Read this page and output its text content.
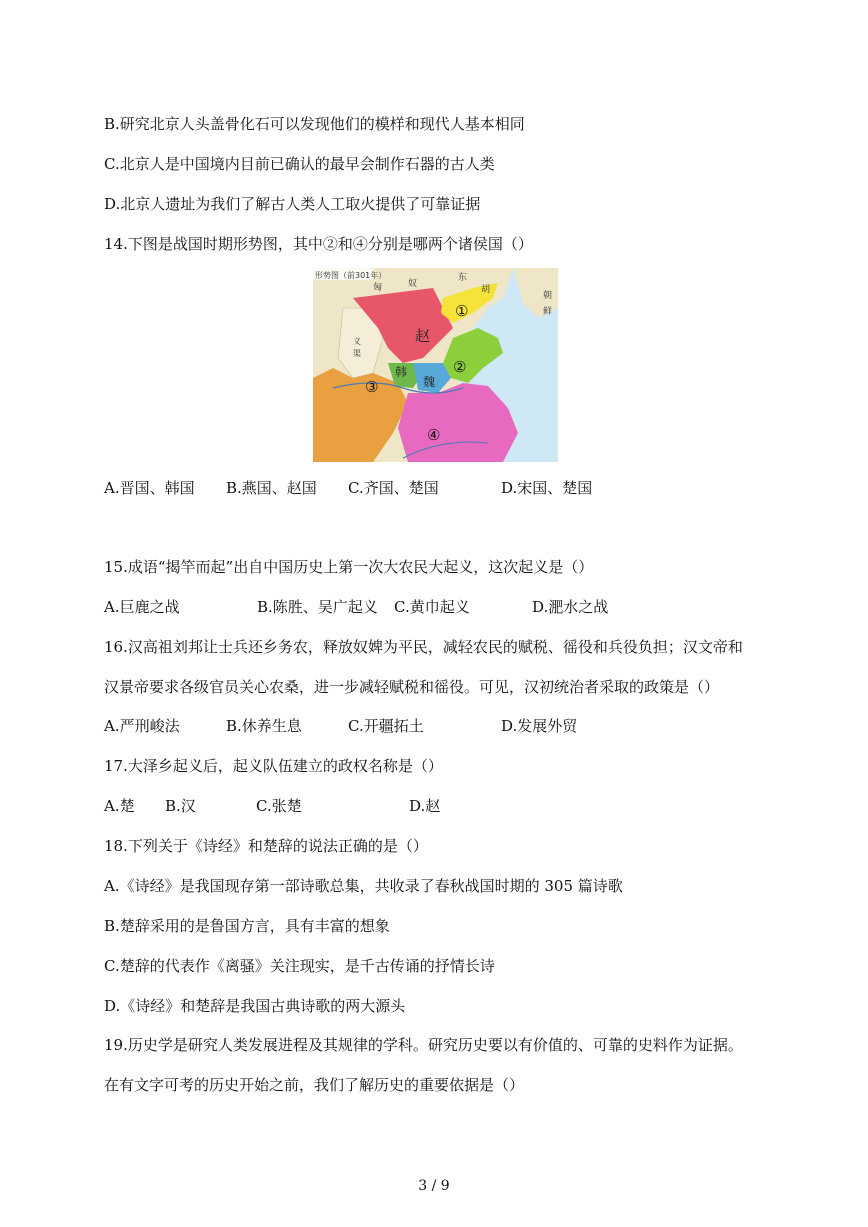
B.研究北京人头盖骨化石可以发现他们的模样和现代人基本相同
C.北京人是中国境内目前已确认的最早会制作石器的古人类
D.北京人遗址为我们了解古人类人工取火提供了可靠证据
14.下图是战国时期形势图，其中②和④分别是哪两个诸侯国（）
形势图（前301年）
匈	奴
东
胡
朝
鲜
义
渠
赵
韩
魏
①
②
③
④
A.晋国、韩国 B.燕国、赵国 C.齐国、楚国	D.宋国、楚国
15.成语“揭竿而起”出自中国历史上第一次大农民大起义，这次起义是（）
A.巨鹿之战	B.陈胜、吴广起义 C.黄巾起义	D.淝水之战
16.汉高祖刘邦让士兵还乡务农，释放奴婢为平民，减轻农民的赋税、徭役和兵役负担；汉文帝和
汉景帝要求各级官员关心农桑，进一步减轻赋税和徭役。可见，汉初统治者采取的政策是（）
A.严刑峻法	B.休养生息	C.开疆拓土	D.发展外贸
17.大泽乡起义后，起义队伍建立的政权名称是（）
A.楚 B.汉	C.张楚	D.赵
18.下列关于《诗经》和楚辞的说法正确的是（）
A.《诗经》是我国现存第一部诗歌总集，共收录了春秋战国时期的 305 篇诗歌
B.楚辞采用的是鲁国方言，具有丰富的想象
C.楚辞的代表作《离骚》关注现实，是千古传诵的抒情长诗
D.《诗经》和楚辞是我国古典诗歌的两大源头
19.历史学是研究人类发展进程及其规律的学科。研究历史要以有价值的、可靠的史料作为证据。
在有文字可考的历史开始之前，我们了解历史的重要依据是（）
3 / 9
